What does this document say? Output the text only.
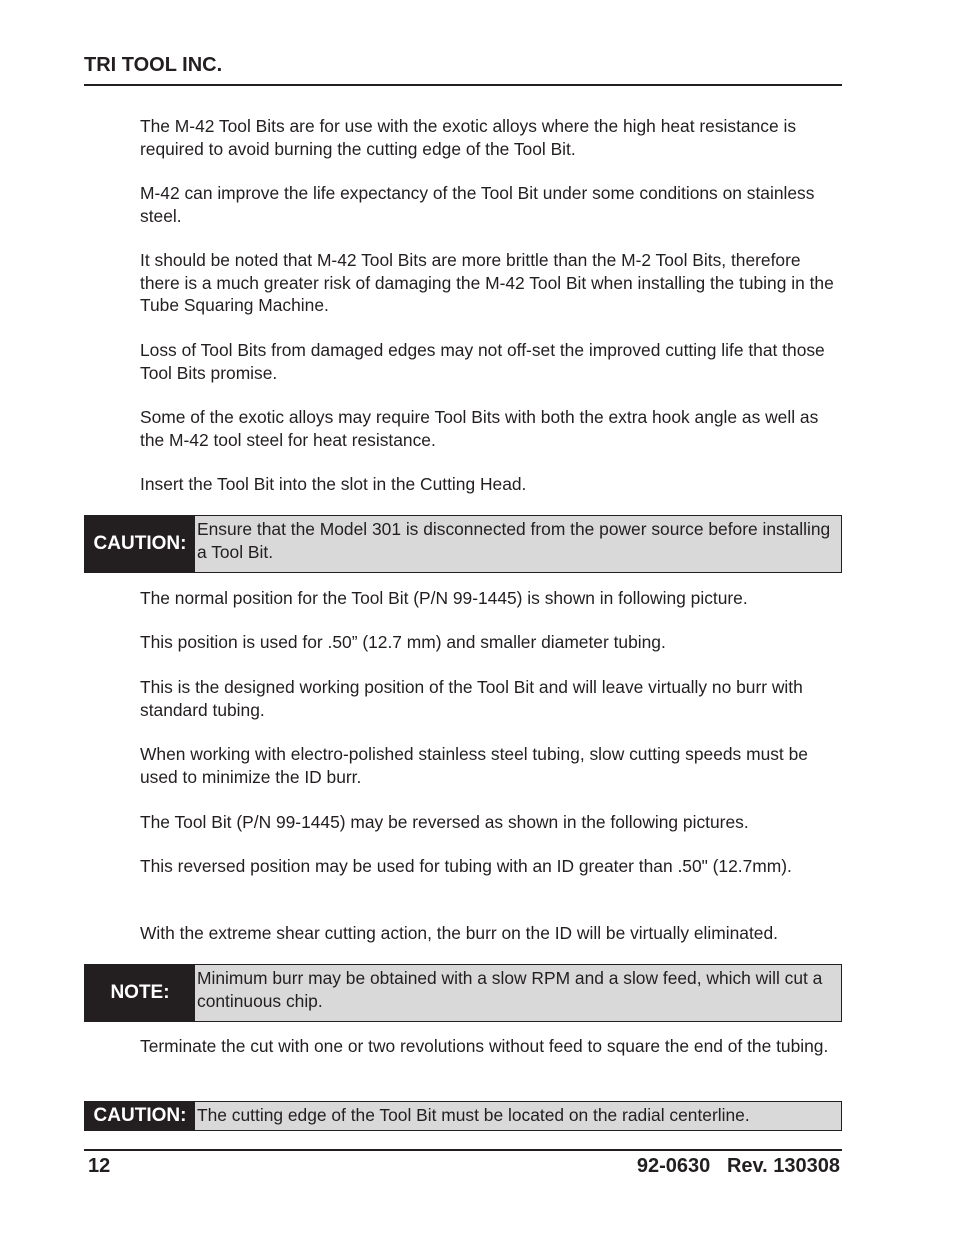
TRI TOOL INC.

The M-42 Tool Bits are for use with the exotic alloys where the high heat resistance is required to avoid burning the cutting edge of the Tool Bit.

M-42 can improve the life expectancy of the Tool Bit under some conditions on stainless steel.

It should be noted that M-42 Tool Bits are more brittle than the M-2 Tool Bits, therefore there is a much greater risk of damaging the M-42 Tool Bit when installing the tubing in the Tube Squaring Machine.

Loss of Tool Bits from damaged edges may not off-set the improved cutting life that those Tool Bits promise.

Some of the exotic alloys may require Tool Bits with both the extra hook angle as well as the M-42 tool steel for heat resistance.

Insert the Tool Bit into the slot in the Cutting Head.

CAUTION:
Ensure that the Model 301 is disconnected from the power source before installing a Tool Bit.

The normal position for the Tool Bit (P/N 99-1445) is shown in following picture.

This position is used for .50” (12.7 mm) and smaller diameter tubing.

This is the designed working position of the Tool Bit and will leave virtually no burr with standard tubing.

When working with electro-polished stainless steel tubing, slow cutting speeds must be used to minimize the ID burr.

The Tool Bit (P/N 99-1445) may be reversed as shown in the following pictures.

This reversed position may be used for tubing with an ID greater than .50" (12.7mm).

With the extreme shear cutting action, the burr on the ID will be virtually eliminated.

NOTE:
Minimum burr may be obtained with a slow RPM and a slow feed, which will cut a continuous chip.

Terminate the cut with one or two revolutions without feed to square the end of the tubing.

CAUTION: The cutting edge of the Tool Bit must be located on the radial centerline.
12	92-0630   Rev. 130308
